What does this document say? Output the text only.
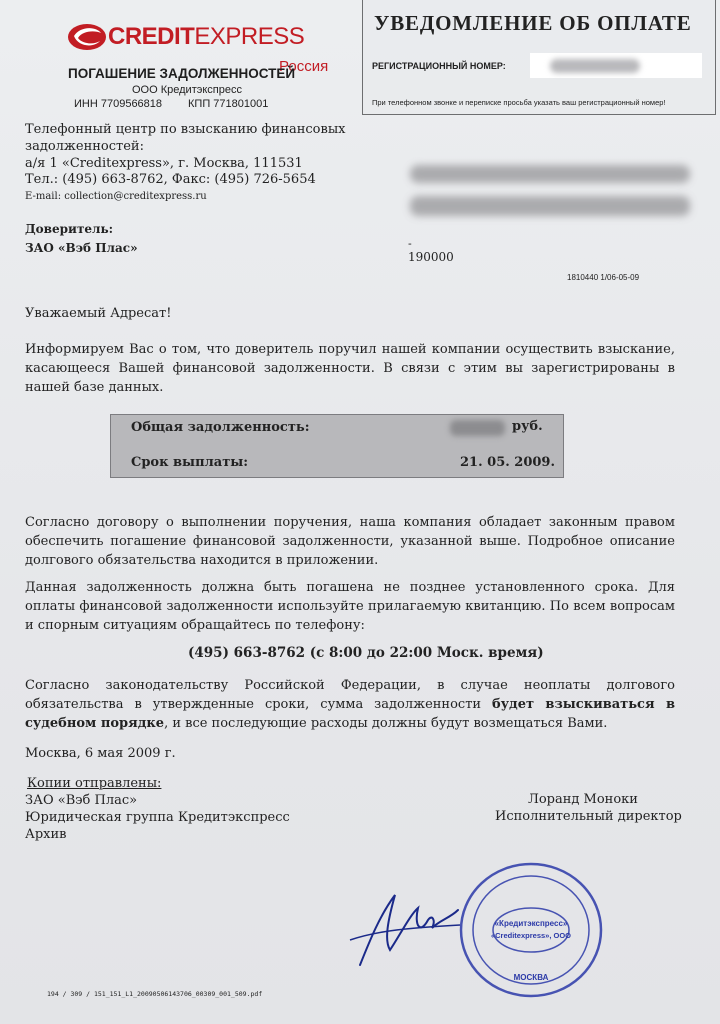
CREDITEXPRESS
Россия
ПОГАШЕНИЕ ЗАДОЛЖЕННОСТЕЙ
ООО Кредитэкспресс
ИНН 7709566818 КПП 771801001
УВЕДОМЛЕНИЕ ОБ ОПЛАТЕ
РЕГИСТРАЦИОННЫЙ НОМЕР:
При телефонном звонке и переписке просьба указать ваш регистрационный номер!
Телефонный центр по взысканию финансовых
задолженностей:
а/я 1 «Creditexpress», г. Москва, 111531
Тел.: (495) 663-8762, Факс: (495) 726-5654
E-mail: collection@creditexpress.ru
Доверитель:
ЗАО «Вэб Плас»	-
190000
1810440 1/06-05-09
Уважаемый Адресат!
Информируем Вас о том, что доверитель поручил нашей компании осуществить взыскание, касающееся Вашей финансовой задолженности. В связи с этим вы зарегистрированы в нашей базе данных.
Общая задолженность:	руб.
Срок выплаты:	21. 05. 2009.
Согласно договору о выполнении поручения, наша компания обладает законным правом обеспечить погашение финансовой задолженности, указанной выше. Подробное описание долгового обязательства находится в приложении.
Данная задолженность должна быть погашена не позднее установленного срока. Для оплаты финансовой задолженности используйте прилагаемую квитанцию. По всем вопросам и спорным ситуациям обращайтесь по телефону:
(495) 663-8762 (с 8:00 до 22:00 Моск. время)
Согласно законодательству Российской Федерации, в случае неоплаты долгового обязательства в утвержденные сроки, сумма задолженности будет взыскиваться в судебном порядке, и все последующие расходы должны будут возмещаться Вами.
Москва, 6 мая 2009 г.
Копии отправлены:
ЗАО «Вэб Плас»
Юридическая группа Кредитэкспресс
Архив
Лоранд Моноки
Исполнительный директор
«Кредитэкспресс»
«Creditexpress», ООО
МОСКВА
194 / 309 / 151_151_L1_20090506143706_00309_001_509.pdf
